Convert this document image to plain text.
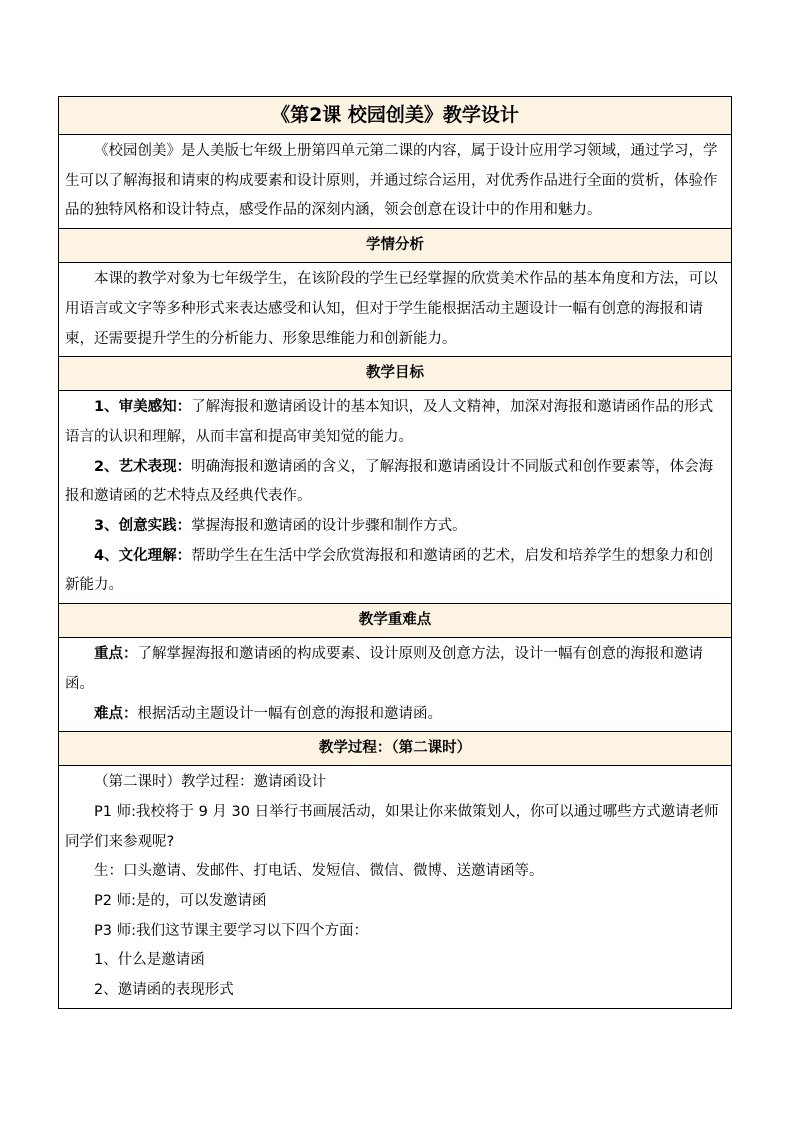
《第2课 校园创美》教学设计

《校园创美》是人美版七年级上册第四单元第二课的内容，属于设计应用学习领域，通过学习，学生可以了解海报和请柬的构成要素和设计原则，并通过综合运用，对优秀作品进行全面的赏析，体验作品的独特风格和设计特点，感受作品的深刻内涵，领会创意在设计中的作用和魅力。

学情分析

本课的教学对象为七年级学生，在该阶段的学生已经掌握的欣赏美术作品的基本角度和方法，可以用语言或文字等多种形式来表达感受和认知，但对于学生能根据活动主题设计一幅有创意的海报和请柬，还需要提升学生的分析能力、形象思维能力和创新能力。

教学目标

1、审美感知：了解海报和邀请函设计的基本知识，及人文精神，加深对海报和邀请函作品的形式语言的认识和理解，从而丰富和提高审美知觉的能力。

2、艺术表现：明确海报和邀请函的含义，了解海报和邀请函设计不同版式和创作要素等，体会海报和邀请函的艺术特点及经典代表作。

3、创意实践：掌握海报和邀请函的设计步骤和制作方式。

4、文化理解：帮助学生在生活中学会欣赏海报和和邀请函的艺术，启发和培养学生的想象力和创新能力。

教学重难点

重点：了解掌握海报和邀请函的构成要素、设计原则及创意方法，设计一幅有创意的海报和邀请函。

难点：根据活动主题设计一幅有创意的海报和邀请函。

教学过程：（第二课时）

（第二课时）教学过程：邀请函设计

P1 师:我校将于 9 月 30 日举行书画展活动，如果让你来做策划人，你可以通过哪些方式邀请老师同学们来参观呢?

生：口头邀请、发邮件、打电话、发短信、微信、微博、送邀请函等。

P2 师:是的，可以发邀请函

P3 师:我们这节课主要学习以下四个方面：

1、什么是邀请函

2、邀请函的表现形式
